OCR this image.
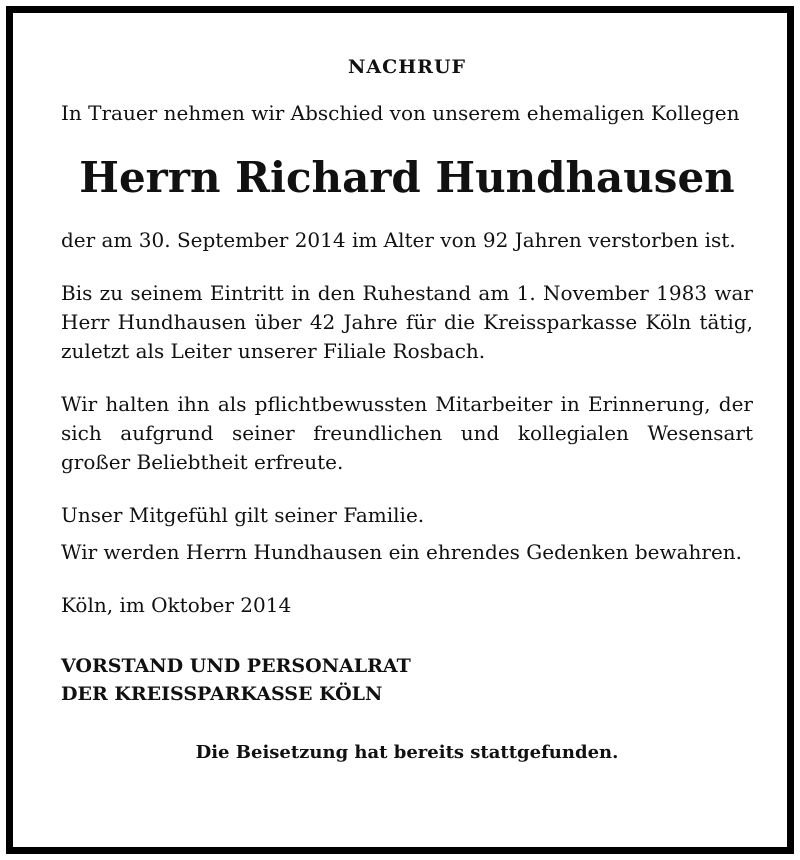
NACHRUF

In Trauer nehmen wir Abschied von unserem ehemaligen Kollegen

Herrn Richard Hundhausen

der am 30. September 2014 im Alter von 92 Jahren verstorben ist.

Bis zu seinem Eintritt in den Ruhestand am 1. November 1983 war Herr Hundhausen über 42 Jahre für die Kreissparkasse Köln tätig, zuletzt als Leiter unserer Filiale Rosbach.

Wir halten ihn als pflichtbewussten Mitarbeiter in Erinnerung, der sich aufgrund seiner freundlichen und kollegialen Wesensart großer Beliebtheit erfreute.

Unser Mitgefühl gilt seiner Familie.

Wir werden Herrn Hundhausen ein ehrendes Gedenken bewahren.

Köln, im Oktober 2014

VORSTAND UND PERSONALRAT
DER KREISSPARKASSE KÖLN
Die Beisetzung hat bereits stattgefunden.
